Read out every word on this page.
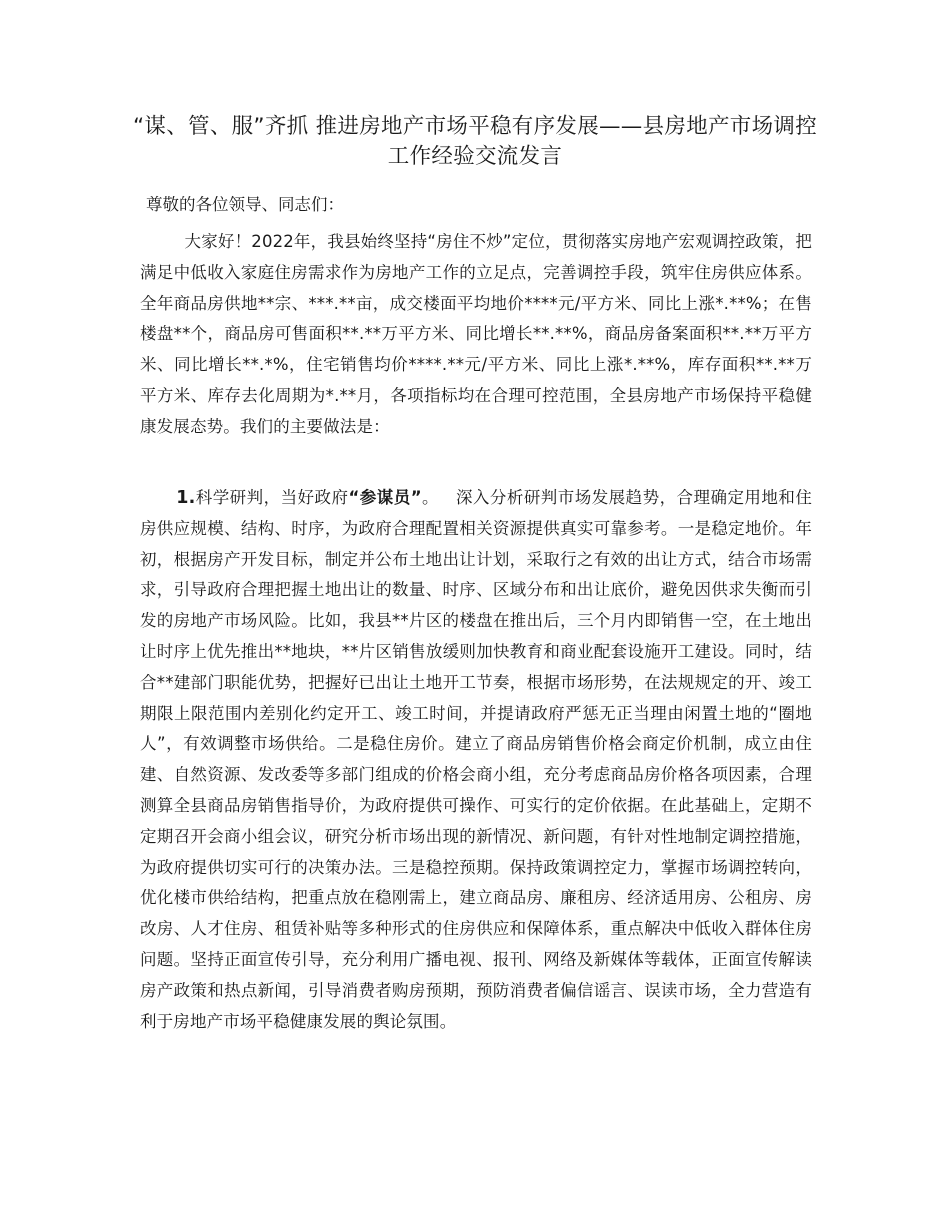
“谋、管、服”齐抓 推进房地产市场平稳有序发展——县房地产市场调控工作经验交流发言

尊敬的各位领导、同志们：

大家好！2022年，我县始终坚持“房住不炒”定位，贯彻落实房地产宏观调控政策，把满足中低收入家庭住房需求作为房地产工作的立足点，完善调控手段，筑牢住房供应体系。全年商品房供地**宗、***.**亩，成交楼面平均地价****元/平方米、同比上涨*.**%；在售楼盘**个，商品房可售面积**.**万平方米、同比增长**.**%，商品房备案面积**.**万平方米、同比增长**.*%，住宅销售均价****.**元/平方米、同比上涨*.**%，库存面积**.**万平方米、库存去化周期为*.**月，各项指标均在合理可控范围，全县房地产市场保持平稳健康发展态势。我们的主要做法是：

1.科学研判，当好政府“参谋员”。  深入分析研判市场发展趋势，合理确定用地和住房供应规模、结构、时序，为政府合理配置相关资源提供真实可靠参考。一是稳定地价。年初，根据房产开发目标，制定并公布土地出让计划，采取行之有效的出让方式，结合市场需求，引导政府合理把握土地出让的数量、时序、区域分布和出让底价，避免因供求失衡而引发的房地产市场风险。比如，我县**片区的楼盘在推出后，三个月内即销售一空，在土地出让时序上优先推出**地块，**片区销售放缓则加快教育和商业配套设施开工建设。同时，结合**建部门职能优势，把握好已出让土地开工节奏，根据市场形势，在法规规定的开、竣工期限上限范围内差别化约定开工、竣工时间，并提请政府严惩无正当理由闲置土地的“圈地人”，有效调整市场供给。二是稳住房价。建立了商品房销售价格会商定价机制，成立由住建、自然资源、发改委等多部门组成的价格会商小组，充分考虑商品房价格各项因素，合理测算全县商品房销售指导价，为政府提供可操作、可实行的定价依据。在此基础上，定期不定期召开会商小组会议，研究分析市场出现的新情况、新问题，有针对性地制定调控措施，为政府提供切实可行的决策办法。三是稳控预期。保持政策调控定力，掌握市场调控转向，优化楼市供给结构，把重点放在稳刚需上，建立商品房、廉租房、经济适用房、公租房、房改房、人才住房、租赁补贴等多种形式的住房供应和保障体系，重点解决中低收入群体住房问题。坚持正面宣传引导，充分利用广播电视、报刊、网络及新媒体等载体，正面宣传解读房产政策和热点新闻，引导消费者购房预期，预防消费者偏信谣言、误读市场，全力营造有利于房地产市场平稳健康发展的舆论氛围。
